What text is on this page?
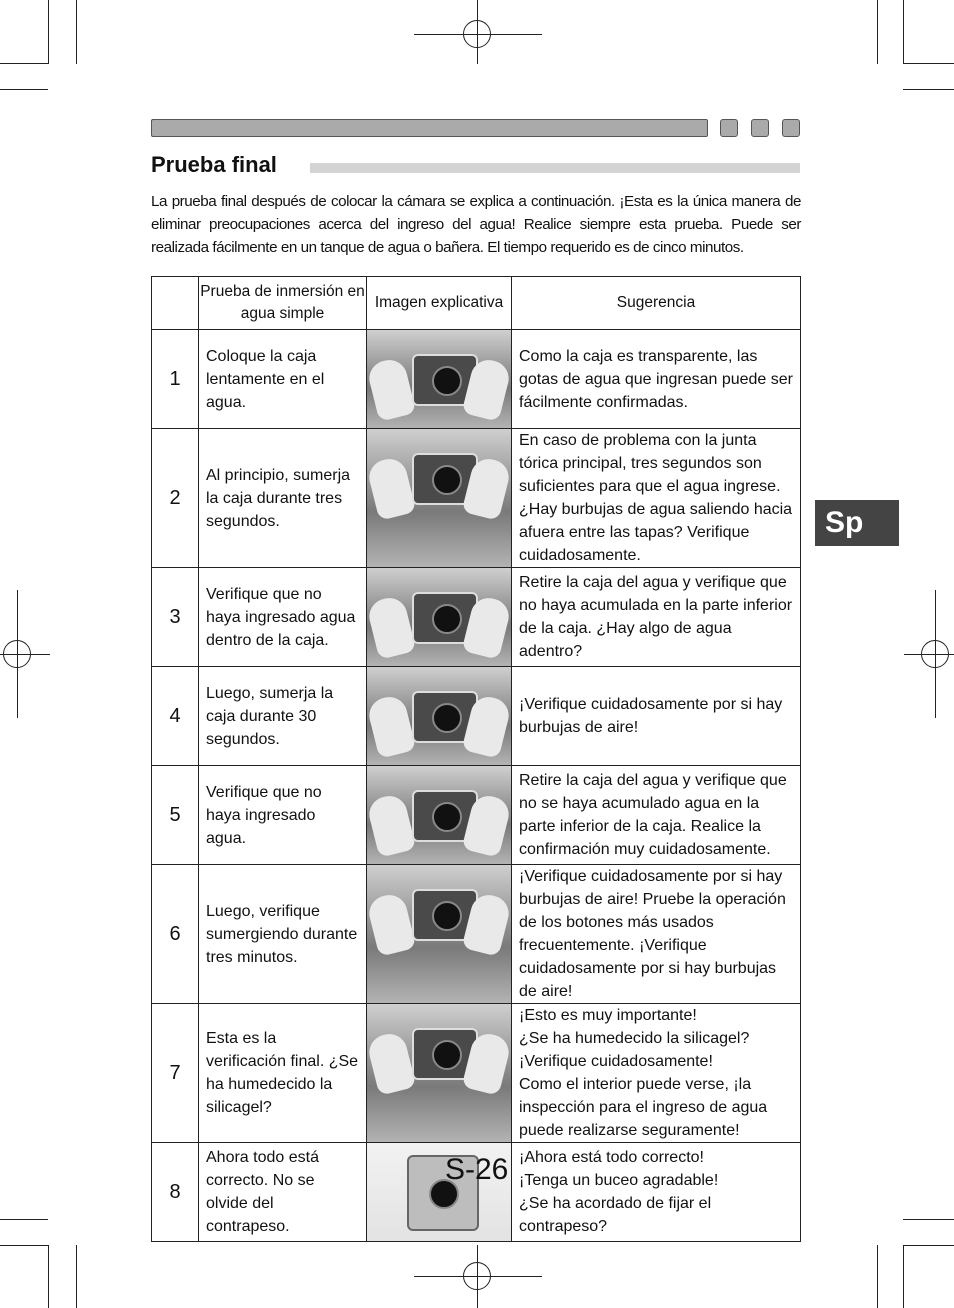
Prueba final
La prueba final después de colocar la cámara se explica a continuación. ¡Esta es la única manera de eliminar preocupaciones acerca del ingreso del agua! Realice siempre esta prueba. Puede ser realizada fácilmente en un tanque de agua o bañera. El tiempo requerido es de cinco minutos.
	Prueba de inmersión en agua simple	Imagen explicativa	Sugerencia
1	Coloque la caja lentamente en el agua.		Como la caja es transparente, las gotas de agua que ingresan puede ser fácilmente confirmadas.
2	Al principio, sumerja la caja durante tres segundos.		En caso de problema con la junta tórica principal, tres segundos son suficientes para que el agua ingrese. ¿Hay burbujas de agua saliendo hacia afuera entre las tapas? Verifique cuidadosamente.
3	Verifique que no haya ingresado agua dentro de la caja.		Retire la caja del agua y verifique que no haya acumulada en la parte inferior de la caja. ¿Hay algo de agua adentro?
4	Luego, sumerja la caja durante 30 segundos.		¡Verifique cuidadosamente por si hay burbujas de aire!
5	Verifique que no haya ingresado agua.		Retire la caja del agua y verifique que no se haya acumulado agua en la parte inferior de la caja. Realice la confirmación muy cuidadosamente.
6	Luego, verifique sumergiendo durante tres minutos.		¡Verifique cuidadosamente por si hay burbujas de aire! Pruebe la operación de los botones más usados frecuentemente. ¡Verifique cuidadosamente por si hay burbujas de aire!
7	Esta es la verificación final. ¿Se ha humedecido la silicagel?		¡Esto es muy importante!
¿Se ha humedecido la silicagel?
¡Verifique cuidadosamente!
Como el interior puede verse, ¡la inspección para el ingreso de agua puede realizarse seguramente!

8	Ahora todo está correcto. No se olvide del contrapeso.		¡Ahora está todo correcto!
¡Tenga un buceo agradable!
¿Se ha acordado de fijar el contrapeso?
Sp
S-26
